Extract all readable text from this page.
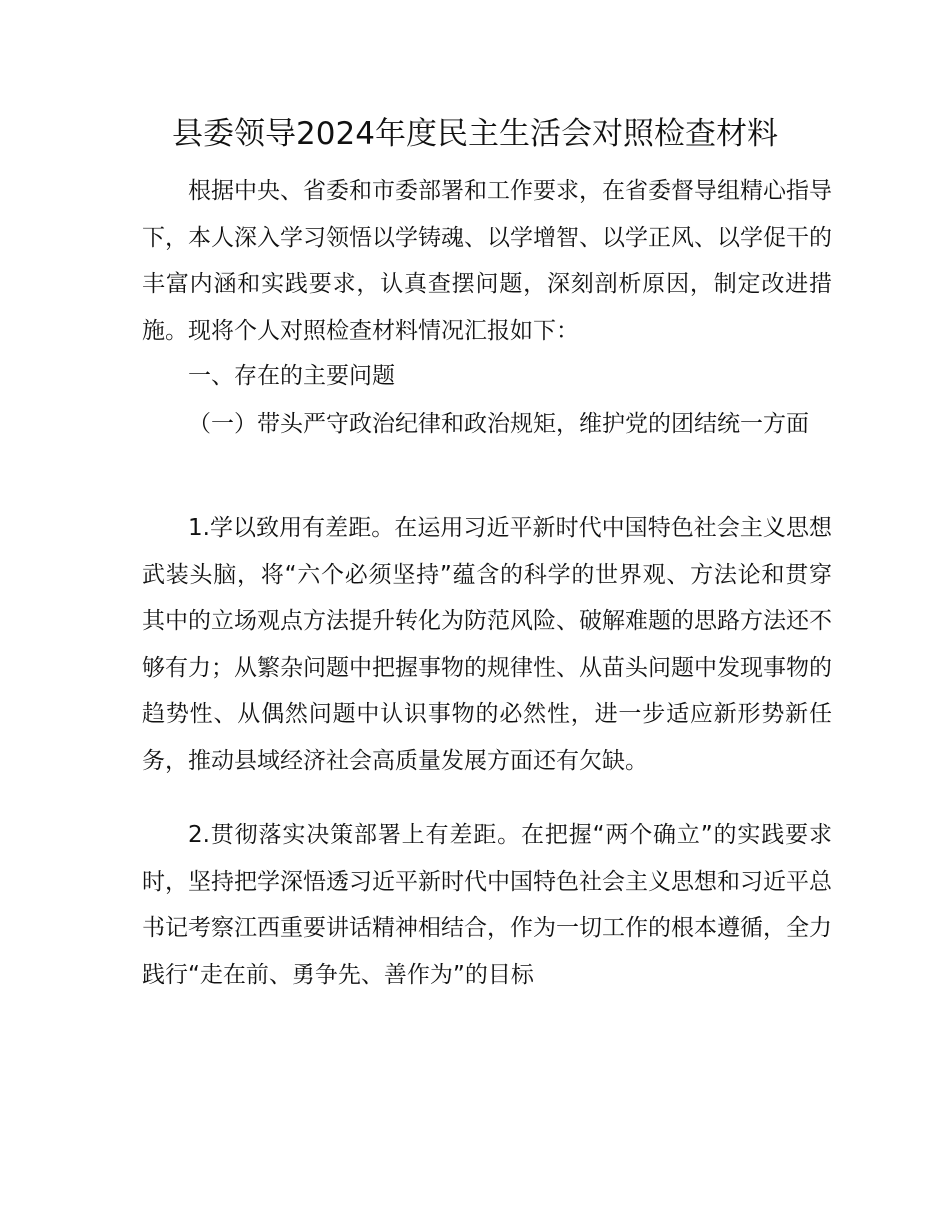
县委领导2024年度民主生活会对照检查材料

根据中央、省委和市委部署和工作要求，在省委督导组精心指导下，本人深入学习领悟以学铸魂、以学增智、以学正风、以学促干的丰富内涵和实践要求，认真查摆问题，深刻剖析原因，制定改进措施。现将个人对照检查材料情况汇报如下：

一、存在的主要问题

（一）带头严守政治纪律和政治规矩，维护党的团结统一方面

1.学以致用有差距。在运用习近平新时代中国特色社会主义思想武装头脑，将“六个必须坚持”蕴含的科学的世界观、方法论和贯穿其中的立场观点方法提升转化为防范风险、破解难题的思路方法还不够有力；从繁杂问题中把握事物的规律性、从苗头问题中发现事物的趋势性、从偶然问题中认识事物的必然性，进一步适应新形势新任务，推动县域经济社会高质量发展方面还有欠缺。

2.贯彻落实决策部署上有差距。在把握“两个确立”的实践要求时，坚持把学深悟透习近平新时代中国特色社会主义思想和习近平总书记考察江西重要讲话精神相结合，作为一切工作的根本遵循，全力践行“走在前、勇争先、善作为”的目标
